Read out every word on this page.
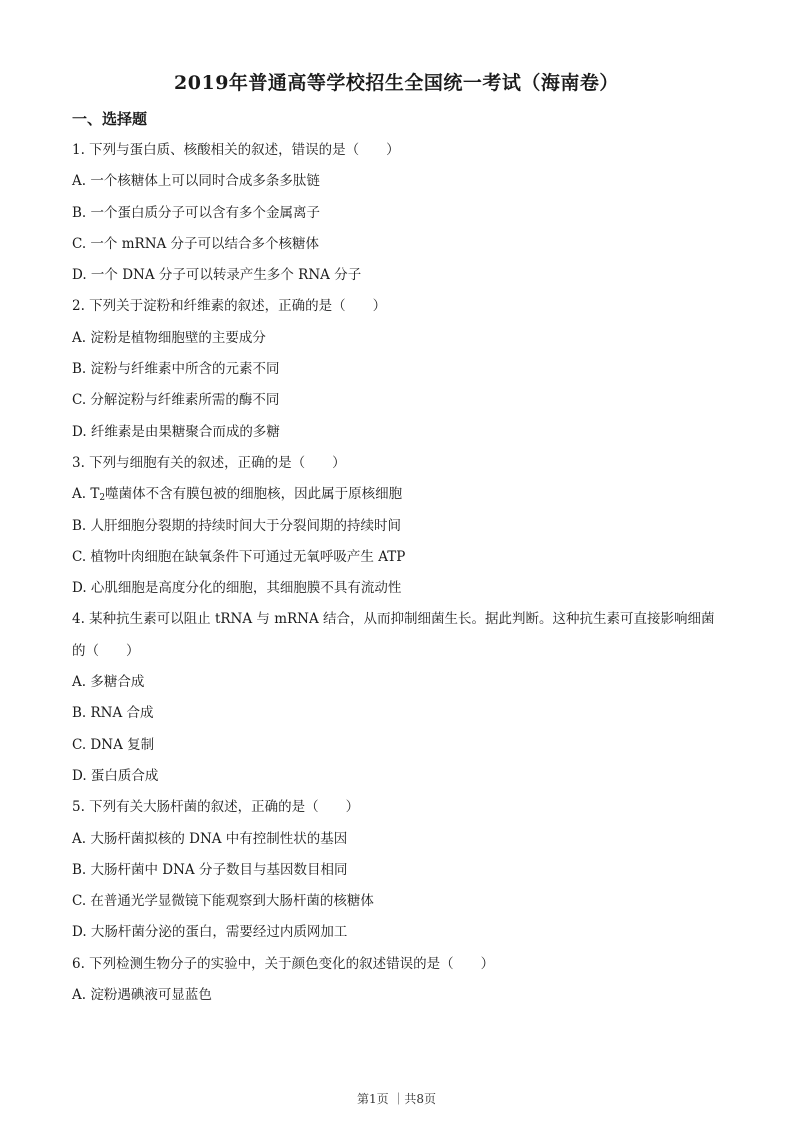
2019年普通高等学校招生全国统一考试（海南卷）
一、选择题
1. 下列与蛋白质、核酸相关的叙述，错误的是（　　）
A. 一个核糖体上可以同时合成多条多肽链
B. 一个蛋白质分子可以含有多个金属离子
C. 一个 mRNA 分子可以结合多个核糖体
D. 一个 DNA 分子可以转录产生多个 RNA 分子
2. 下列关于淀粉和纤维素的叙述，正确的是（　　）
A. 淀粉是植物细胞壁的主要成分
B. 淀粉与纤维素中所含的元素不同
C. 分解淀粉与纤维素所需的酶不同
D. 纤维素是由果糖聚合而成的多糖
3. 下列与细胞有关的叙述，正确的是（　　）
A. $T_2$噬菌体不含有膜包被的细胞核，因此属于原核细胞
B. 人肝细胞分裂期的持续时间大于分裂间期的持续时间
C. 植物叶肉细胞在缺氧条件下可通过无氧呼吸产生 ATP
D. 心肌细胞是高度分化的细胞，其细胞膜不具有流动性
4. 某种抗生素可以阻止 tRNA 与 mRNA 结合，从而抑制细菌生长。据此判断。这种抗生素可直接影响细菌
的（　　）
A. 多糖合成
B. RNA 合成
C. DNA 复制
D. 蛋白质合成
5. 下列有关大肠杆菌的叙述，正确的是（　　）
A. 大肠杆菌拟核的 DNA 中有控制性状的基因
B. 大肠杆菌中 DNA 分子数目与基因数目相同
C. 在普通光学显微镜下能观察到大肠杆菌的核糖体
D. 大肠杆菌分泌的蛋白，需要经过内质网加工
6. 下列检测生物分子的实验中，关于颜色变化的叙述错误的是（　　）
A. 淀粉遇碘液可显蓝色
第1页 ｜共8页
